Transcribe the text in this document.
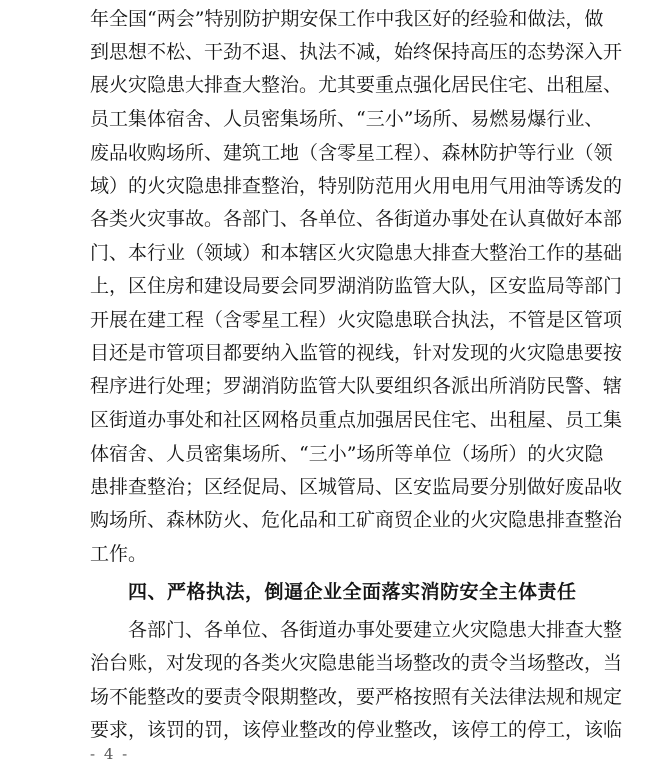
年全国“两会”特别防护期安保工作中我区好的经验和做法，做
到思想不松、干劲不退、执法不减，始终保持高压的态势深入开
展火灾隐患大排查大整治。尤其要重点强化居民住宅、出租屋、
员工集体宿舍、人员密集场所、“三小”场所、易燃易爆行业、
废品收购场所、建筑工地（含零星工程）、森林防护等行业（领
域）的火灾隐患排查整治，特别防范用火用电用气用油等诱发的
各类火灾事故。各部门、各单位、各街道办事处在认真做好本部
门、本行业（领域）和本辖区火灾隐患大排查大整治工作的基础
上，区住房和建设局要会同罗湖消防监管大队，区安监局等部门
开展在建工程（含零星工程）火灾隐患联合执法，不管是区管项
目还是市管项目都要纳入监管的视线，针对发现的火灾隐患要按
程序进行处理；罗湖消防监管大队要组织各派出所消防民警、辖
区街道办事处和社区网格员重点加强居民住宅、出租屋、员工集
体宿舍、人员密集场所、“三小”场所等单位（场所）的火灾隐
患排查整治；区经促局、区城管局、区安监局要分别做好废品收
购场所、森林防火、危化品和工矿商贸企业的火灾隐患排查整治
工作。
四、严格执法，倒逼企业全面落实消防安全主体责任
各部门、各单位、各街道办事处要建立火灾隐患大排查大整
治台账，对发现的各类火灾隐患能当场整改的责令当场整改，当
场不能整改的要责令限期整改，要严格按照有关法律法规和规定
要求，该罚的罚，该停业整改的停业整改，该停工的停工，该临
- 4 -
